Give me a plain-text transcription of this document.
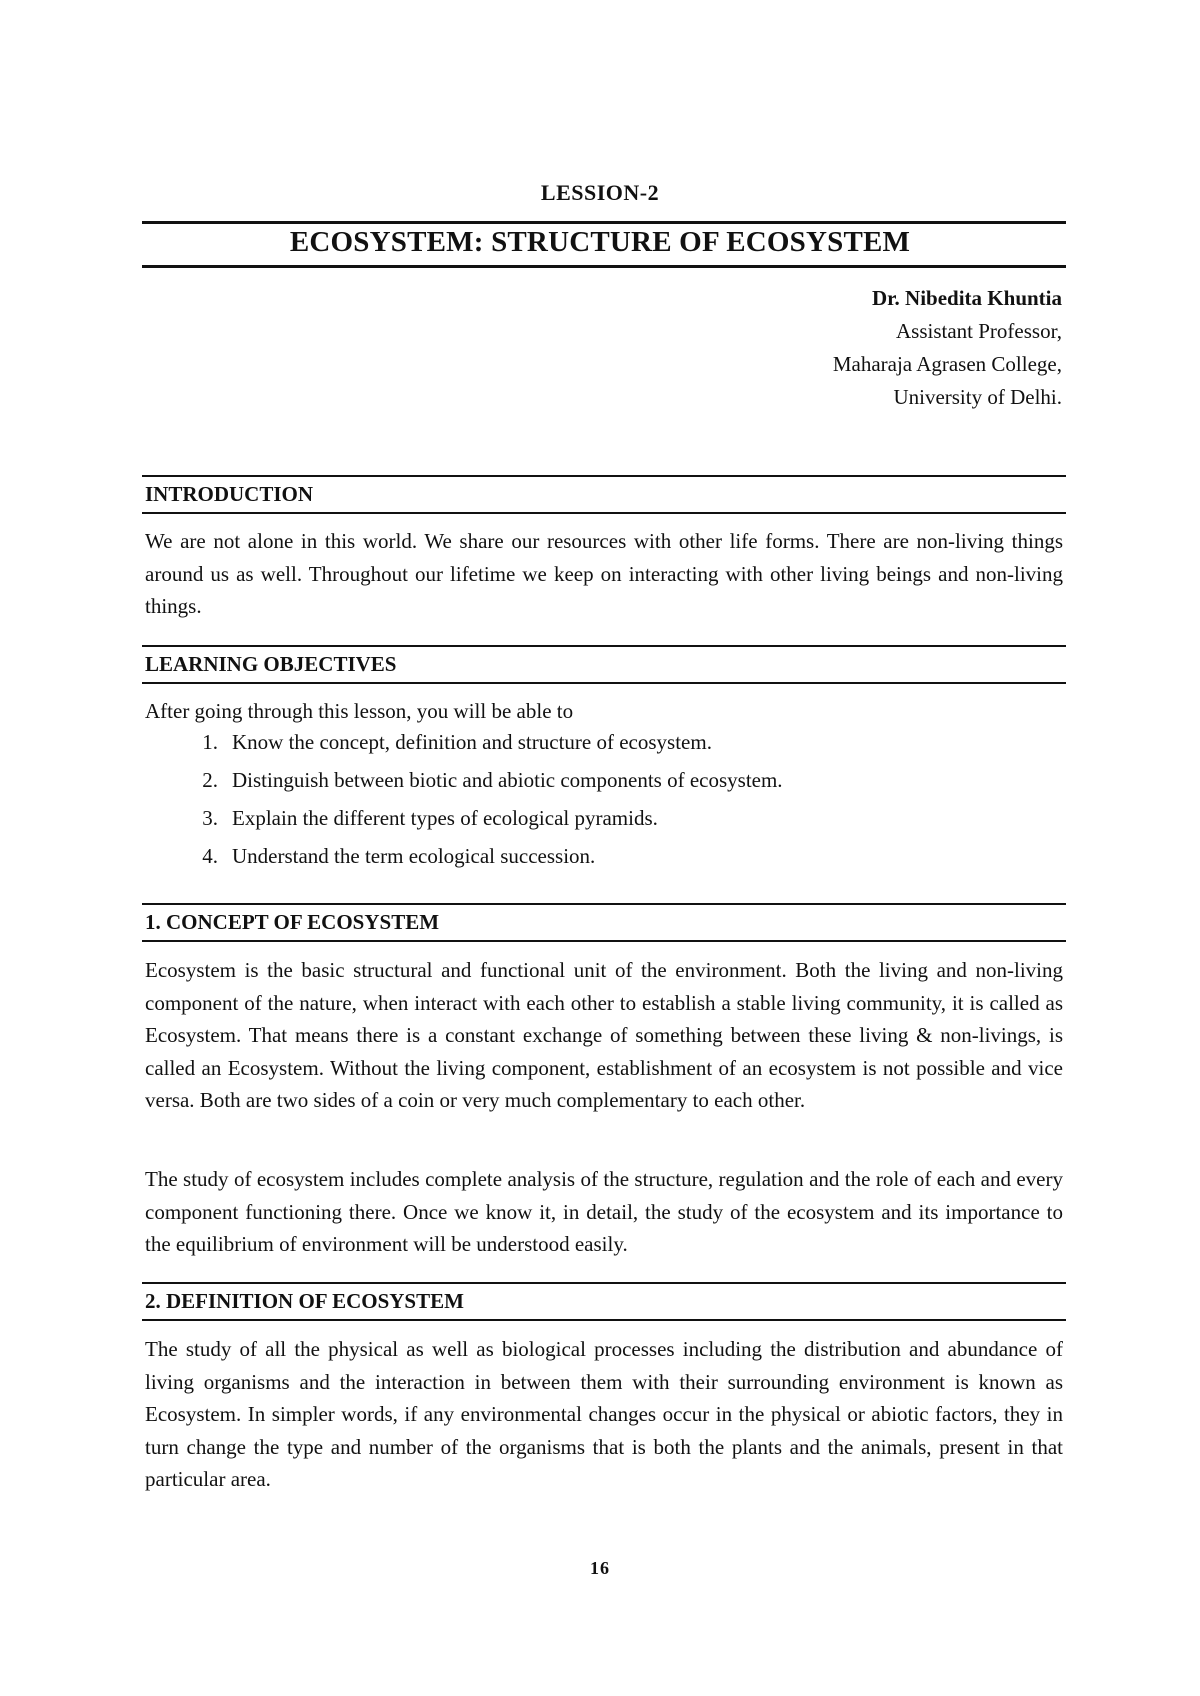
LESSION-2
ECOSYSTEM: STRUCTURE OF ECOSYSTEM
Dr. Nibedita Khuntia
Assistant Professor,
Maharaja Agrasen College,
University of Delhi.
INTRODUCTION

We are not alone in this world. We share our resources with other life forms. There are non-living things around us as well. Throughout our lifetime we keep on interacting with other living beings and non-living things.

LEARNING OBJECTIVES

After going through this lesson, you will be able to

1. Know the concept, definition and structure of ecosystem.
2. Distinguish between biotic and abiotic components of ecosystem.
3. Explain the different types of ecological pyramids.
4. Understand the term ecological succession.
1. CONCEPT OF ECOSYSTEM

Ecosystem is the basic structural and functional unit of the environment. Both the living and non-living component of the nature, when interact with each other to establish a stable living community, it is called as Ecosystem. That means there is a constant exchange of something between these living & non-livings, is called an Ecosystem. Without the living component, establishment of an ecosystem is not possible and vice versa. Both are two sides of a coin or very much complementary to each other.

The study of ecosystem includes complete analysis of the structure, regulation and the role of each and every component functioning there. Once we know it, in detail, the study of the ecosystem and its importance to the equilibrium of environment will be understood easily.

2. DEFINITION OF ECOSYSTEM

The study of all the physical as well as biological processes including the distribution and abundance of living organisms and the interaction in between them with their surrounding environment is known as Ecosystem. In simpler words, if any environmental changes occur in the physical or abiotic factors, they in turn change the type and number of the organisms that is both the plants and the animals, present in that particular area.

16
